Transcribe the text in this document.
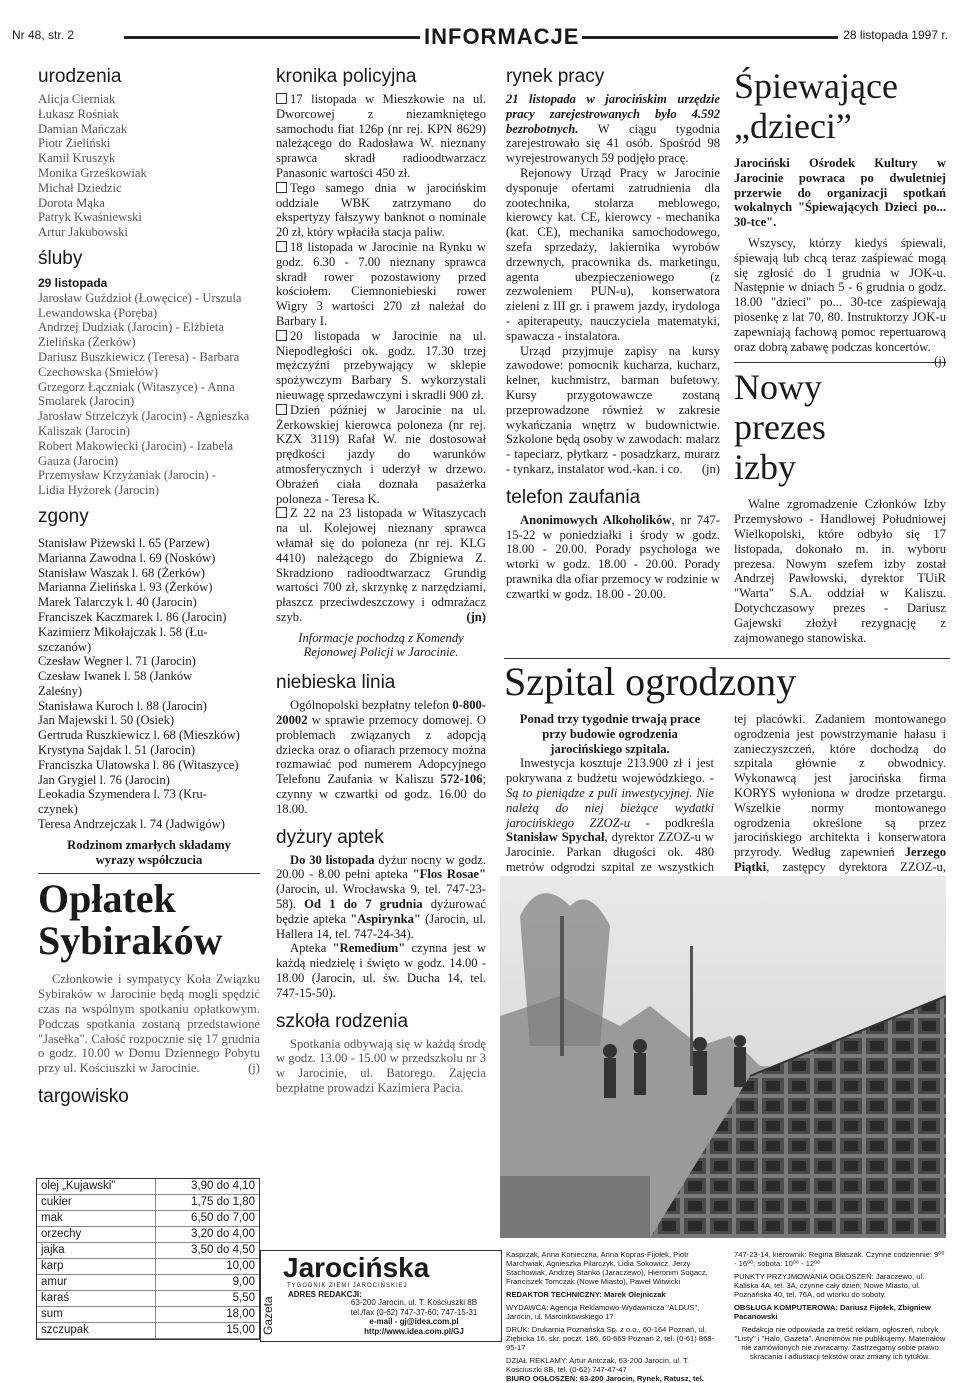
Nr 48, str. 2	INFORMACJE	28 listopada 1997 r.
urodzenia
Alicja Cierniak
Łukasz Rośniak
Damian Mańczak
Piotr Zieliński
Kamil Kruszyk
Monika Grześkowiak
Michał Dziedzic
Dorota Mąka
Patryk Kwaśniewski
Artur Jakubowski
śluby
29 listopada
Jarosław Guździoł (Łowęcice) - Urszula
Lewandowska (Poręba)
Andrzej Dudziak (Jarocin) - Elżbieta
Zielińska (Żerków)
Dariusz Buszkiewicz (Teresa) - Barbara
Czechowska (Smiełów)
Grzegorz Łączniak (Witaszyce) - Anna
Smolarek (Jarocin)
Jarosław Strzelczyk (Jarocin) - Agnieszka
Kaliszak (Jarocin)
Robert Makowiecki (Jarocin) - Izabela
Gauza (Jarocin)
Przemysław Krzyżaniak (Jarocin) -
Lidia Hyżorek (Jarocin)
zgony
Stanisław Piżewski l. 65 (Parzew)
Marianna Zawodna l. 69 (Nosków)
Stanisław Waszak l. 68 (Żerków)
Marianna Zielińska l. 93 (Żerków)
Marek Talarczyk l. 40 (Jarocin)
Franciszek Kaczmarek l. 86 (Jarocin)
Kazimierz Mikołajczak l. 58 (Łu-
szczanów)
Czesław Wegner l. 71 (Jarocin)
Czesław Iwanek l. 58 (Janków
Zaleśny)
Stanisława Kuroch l. 88 (Jarocin)
Jan Majewski l. 50 (Osiek)
Gertruda Ruszkiewicz l. 68 (Mieszków)
Krystyna Sajdak l. 51 (Jarocin)
Franciszka Ulatowska l. 86 (Witaszyce)
Jan Grygiel l. 76 (Jarocin)
Leokadia Szymendera l. 73 (Kru-
czynek)
Teresa Andrzejczak l. 74 (Jadwigów)

Rodzinom zmarłych składamy wyrazy współczucia

Opłatek Sybiraków

Członkowie i sympatycy Koła Związku Sybiraków w Jarocinie będą mogli spędzić czas na wspólnym spotkaniu opłatkowym. Podczas spotkania zostaną przedstawione "Jasełka". Całość rozpocznie się 17 grudnia o godz. 10.00 w Domu Dziennego Pobytu przy ul. Kościuszki w Jarocinie.	(j)

targowisko
olej „Kujawski”	3,90 do 4,10
cukier	1,75 do 1,80
mak	6,50 do 7,00
orzechy	3,20 do 4,00
jajka	3,50 do 4,50
karp	10,00
amur	9,00
karaś	5,50
sum	18,00
szczupak	15,00
kronika policyjna

17 listopada w Mieszkowie na ul. Dworcowej z niezamkniętego samochodu fiat 126p (nr rej. KPN 8629) należącego do Radosława W. nieznany sprawca skradł radioodtwarzacz Panasonic wartości 450 zł.

Tego samego dnia w jarocińskim oddziale WBK zatrzymano do ekspertyzy fałszywy banknot o nominale 20 zł, który wpłaciła stacja paliw.

18 listopada w Jarocinie na Rynku w godz. 6.30 - 7.00 nieznany sprawca skradł rower pozostawiony przed kościołem. Ciemnoniebieski rower Wigry 3 wartości 270 zł należał do Barbary I.

20 listopada w Jarocinie na ul. Niepodległości ok. godz. 17.30 trzej mężczyźni przebywający w sklepie spożywczym Barbary S. wykorzystali nieuwagę sprzedawczyni i skradli 900 zł.

Dzień później w Jarocinie na ul. Żerkowskiej kierowca poloneza (nr rej. KZX 3119) Rafał W. nie dostosował prędkości jazdy do warunków atmosferycznych i uderzył w drzewo. Obrażeń ciała doznała pasażerka poloneza - Teresa K.

Z 22 na 23 listopada w Witaszycach na ul. Kolejowej nieznany sprawca włamał się do poloneza (nr rej. KLG 4410) należącego do Zbigniewa Z. Skradziono radioodtwarzacz Grundig wartości 700 zł, skrzynkę z narzędziami, płaszcz przeciwdeszczowy i odmrażacz szyb.	(jn)

Informacje pochodzą z Komendy Rejonowej Policji w Jarocinie.

niebieska linia

Ogólnopolski bezpłatny telefon 0-800-20002 w sprawie przemocy domowej. O problemach związanych z adopcją dziecka oraz o ofiarach przemocy można rozmawiać pod numerem Adopcyjnego Telefonu Zaufania w Kaliszu 572-106; czynny w czwartki od godz. 16.00 do 18.00.

dyżury aptek

Do 30 listopada dyżur nocny w godz. 20.00 - 8.00 pełni apteka "Flos Rosae" (Jarocin, ul. Wrocławska 9, tel. 747-23-58). Od 1 do 7 grudnia dyżurować będzie apteka "Aspirynka" (Jarocin, ul. Hallera 14, tel. 747-24-34).

Apteka "Remedium" czynna jest w każdą niedzielę i święto w godz. 14.00 - 18.00 (Jarocin, ul. św. Ducha 14, tel. 747-15-50).

szkoła rodzenia

Spotkania odbywają się w każdą środę w godz. 13.00 - 15.00 w przedszkolu nr 3 w Jarocinie, ul. Batorego. Zajęcia bezpłatne prowadzi Kazimiera Pacia.

rynek pracy

21 listopada w jarocińskim urzędzie pracy zarejestrowanych było 4.592 bezrobotnych. W ciągu tygodnia zarejestrowało się 41 osób. Spośród 98 wyrejestrowanych 59 podjęło pracę.

Rejonowy Urząd Pracy w Jarocinie dysponuje ofertami zatrudnienia dla zootechnika, stolarza meblowego, kierowcy kat. CE, kierowcy - mechanika (kat. CE), mechanika samochodowego, szefa sprzedaży, lakiernika wyrobów drzewnych, pracownika ds. marketingu, agenta ubezpieczeniowego (z zezwoleniem PUN-u), konserwatora zieleni z III gr. i prawem jazdy, irydologa - apiterapeuty, nauczyciela matematyki, spawacza - instalatora.

Urząd przyjmuje zapisy na kursy zawodowe: pomocnik kucharza, kucharz, kelner, kuchmistrz, barman bufetowy. Kursy przygotowawcze zostaną przeprowadzone również w zakresie wykańczania wnętrz w budownictwie. Szkolone będą osoby w zawodach: malarz - tapeciarz, płytkarz - posadzkarz, murarz - tynkarz, instalator wod.-kan. i co.	(jn)

telefon zaufania

Anonimowych Alkoholików, nr 747-15-22 w poniedziałki i środy w godz. 18.00 - 20.00. Porady psychologa we wtorki w godz. 18.00 - 20.00. Porady prawnika dla ofiar przemocy w rodzinie w czwartki w godz. 18.00 - 20.00.

Śpiewające
„dzieci”

Jarociński Ośrodek Kultury w Jarocinie powraca po dwuletniej przerwie do organizacji spotkań wokalnych "Śpiewających Dzieci po... 30-tce".

Wszyscy, którzy kiedyś śpiewali, śpiewają lub chcą teraz zaśpiewać mogą się zgłosić do 1 grudnia w JOK-u. Następnie w dniach 5 - 6 grudnia o godz. 18.00 "dzieci" po... 30-tce zaśpiewają piosenkę z lat 70, 80. Instruktorzy JOK-u zapewniają fachową pomoc repertuarową oraz dobrą zabawę podczas koncertów.
(j)

Nowy prezes
izby

Walne zgromadzenie Członków Izby Przemysłowo - Handlowej Południowej Wielkopolski, które odbyło się 17 listopada, dokonało m. in. wyboru prezesa. Nowym szefem izby został Andrzej Pawłowski, dyrektor TUiR "Warta" S.A. oddział w Kaliszu. Dotychczasowy prezes - Dariusz Gajewski złożył rezygnację z zajmowanego stanowiska.

Szpital ogrodzony

Ponad trzy tygodnie trwają prace przy budowie ogrodzenia jarocińskiego szpitala.

Inwestycja kosztuje 213.900 zł i jest pokrywana z budżetu wojewódzkiego. - Są to pieniądze z puli inwestycyjnej. Nie należą do niej bieżące wydatki jarocińskiego ZZOZ-u - podkreśla Stanisław Spychał, dyrektor ZZOZ-u w Jarocinie. Parkan długości ok. 480 metrów odgrodzi szpital ze wszystkich

tej placówki. Zadaniem montowanego ogrodzenia jest powstrzymanie hałasu i zanieczyszczeń, które dochodzą do szpitala głównie z obwodnicy. Wykonawcą jest jarocińska firma KORYS wyłoniona w drodze przetargu. Wszelkie normy montowanego ogrodzenia określone są przez jarocińskiego architekta i konserwatora przyrody. Według zapewnień Jerzego Piątki, zastępcy dyrektora ZZOZ-u,

Gazeta
Jarocińska
TYGODNIK ZIEMI JAROCIŃSKIEJ
ADRES REDAKCJI:
63-200 Jarocin, ul. T. Kościuszki 8B
tel./fax (0-62) 747-37-60; 747-15-31
e-mail - gj@idea.com.pl
http://www.idea.com.pl/GJ

Kasprzak, Anna Konieczna, Anna Kopras-Fijołek, Piotr Marchwiak, Agnieszka Pilarczyk, Lidia Sokowicz, Jerzy Stachowiak, Andrzej Stanko (Jaraczewo), Hieronim Sogacz, Franciszek Tomczak (Nowe Miasto), Paweł Witwicki

REDAKTOR TECHNICZNY: Marek Olejniczak

WYDAWCA: Agencja Reklamowo-Wydawnicza "ALDUS", Jarocin, ul. Marcinkowskiego 17

DRUK: Drukarnia Poznańska Sp. z o.o., 60-164 Poznań, ul. Żiębicka 16, skr. poczt. 186, 60-669 Poznań 2, tel. (0-61) 868-95-17

DZIAŁ REKLAMY: Artur Antczak, 63-200 Jarocin, ul. T. Kościuszki 8B, tel. (0-62) 747-47-47

BIURO OGŁOSZEŃ: 63-200 Jarocin, Rynek, Ratusz, tel.

747-23-14, kierownik: Regina Błaszak. Czynne codziennie: 9⁰⁰ - 16⁰⁰; sobota: 10⁰⁰ - 12⁰⁰

PUNKTY PRZYJMOWANIA OGŁOSZEŃ: Jaraczewo, ul. Kaliska 4A, tel. 3A, czynne cały dzień; Nowe Miasto, ul. Poznańska 40, tel. 76A, od wtorku do soboty.

OBSŁUGA KOMPUTEROWA: Dariusz Fijołek, Zbigniew Pacanowski

Redakcja nie odpowiada za treść reklam, ogłoszeń, rubryk "Listy" i "Halo, Gazeta". Anonimów nie publikujemy. Materiałów nie zamówionych nie zwracamy. Zastrzegamy sobie prawo skracania i adiustacji tekstów oraz zmiany ich tytułów.
